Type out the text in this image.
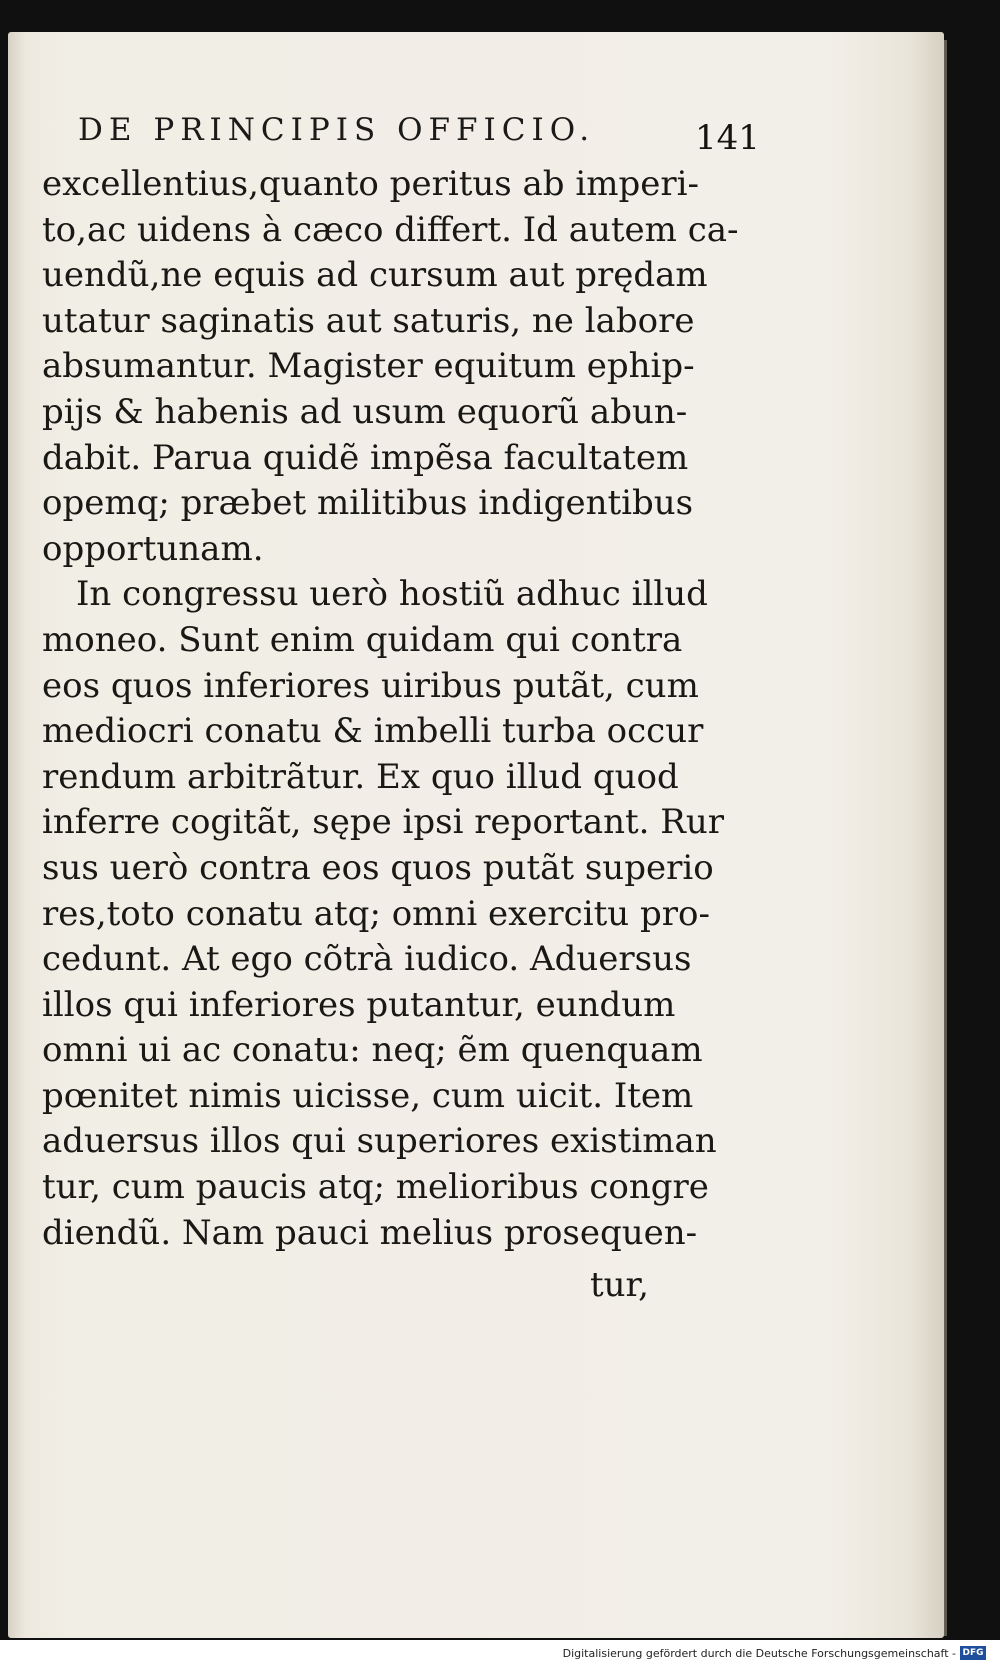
DE PRINCIPIS OFFICIO.	141
excellentius,quanto peritus ab imperi-
to,ac uidens à cæco differt. Id autem ca-
uendũ,ne equis ad cursum aut prędam
utatur saginatis aut saturis, ne labore
absumantur. Magister equitum ephip-
pijs & habenis ad usum equorũ abun-
dabit. Parua quidẽ impẽsa facultatem
opemq; præbet militibus indigentibus
opportunam.
In congressu uerò hostiũ adhuc illud
moneo. Sunt enim quidam qui contra
eos quos inferiores uiribus putãt, cum
mediocri conatu & imbelli turba occur
rendum arbitrãtur. Ex quo illud quod
inferre cogitãt, sępe ipsi reportant. Rur
sus uerò contra eos quos putãt superio
res,toto conatu atq; omni exercitu pro-
cedunt. At ego cõtrà iudico. Aduersus
illos qui inferiores putantur, eundum
omni ui ac conatu: neq; ẽm quenquam
pœnitet nimis uicisse, cum uicit. Item
aduersus illos qui superiores existiman
tur, cum paucis atq; melioribus congre
diendũ. Nam pauci melius prosequen-
tur,
Digitalisierung gefördert durch die Deutsche Forschungsgemeinschaft - DFG
